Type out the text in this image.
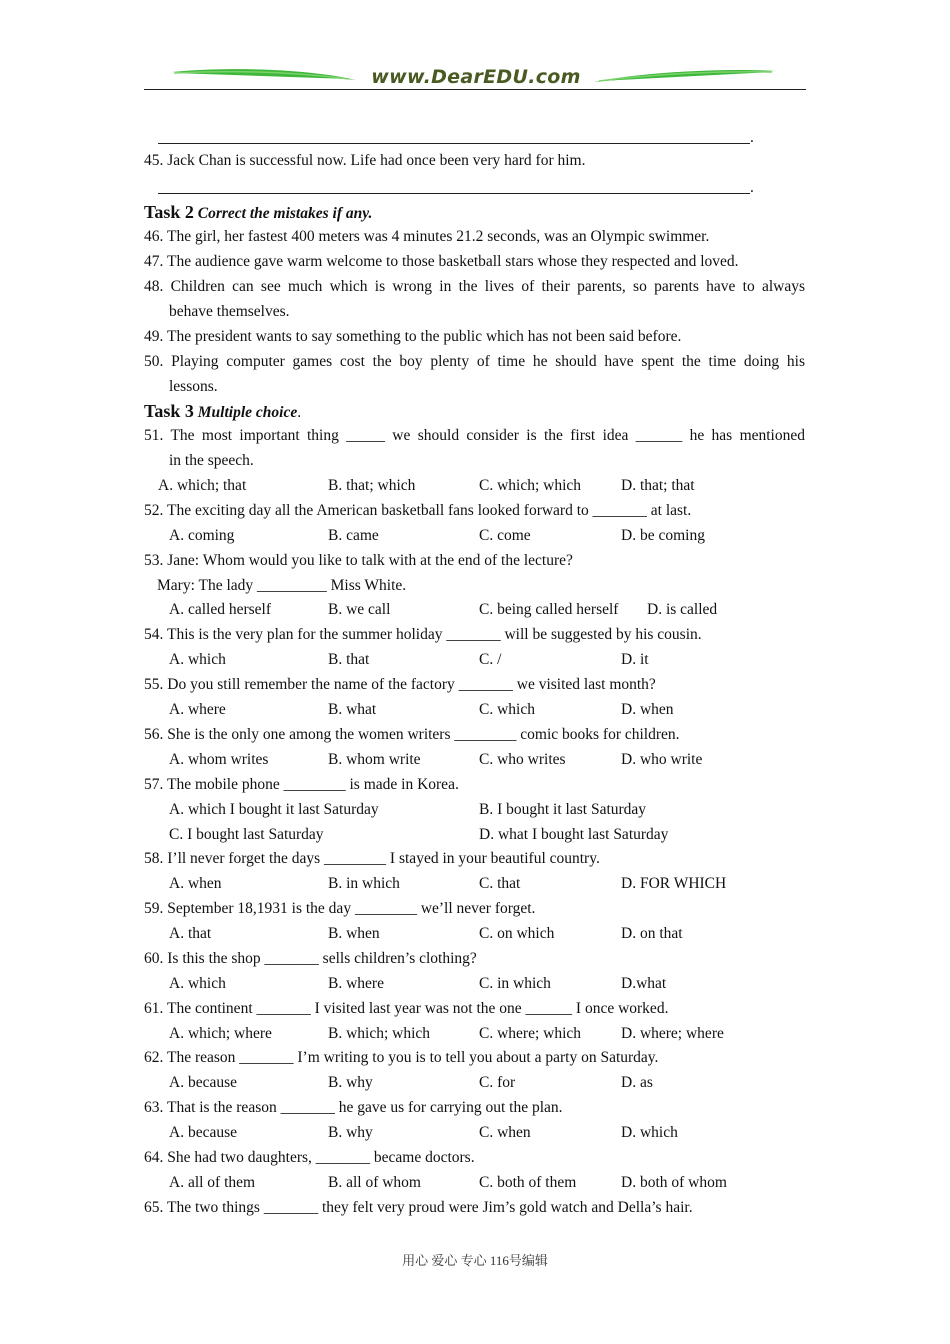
www.DearEDU.com
.
45. Jack Chan is successful now. Life had once been very hard for him.
.
Task 2 Correct the mistakes if any.
46. The girl, her fastest 400 meters was 4 minutes 21.2 seconds, was an Olympic swimmer.
47. The audience gave warm welcome to those basketball stars whose they respected and loved.
48. Children can see much which is wrong in the lives of their parents, so parents have to always
behave themselves.
49. The president wants to say something to the public which has not been said before.
50. Playing computer games cost the boy plenty of time he should have spent the time doing his
lessons.
Task 3 Multiple choice.
51. The most important thing _____ we should consider is the first idea ______ he has mentioned
in the speech.
A. which; that	B. that; which	C. which; which	D. that; that
52. The exciting day all the American basketball fans looked forward to _______ at last.
A. coming	B. came	C. come	D. be coming
53. Jane: Whom would you like to talk with at the end of the lecture?
Mary: The lady _________ Miss White.
A. called herself	B. we call	C. being called herself D. is called
54. This is the very plan for the summer holiday _______ will be suggested by his cousin.
A. which	B. that	C. /	D. it
55. Do you still remember the name of the factory _______ we visited last month?
A. where	B. what	C. which	D. when
56. She is the only one among the women writers ________ comic books for children.
A. whom writes	B. whom write	C. who writes	D. who write
57. The mobile phone ________ is made in Korea.
A. which I bought it last Saturday	B. I bought it last Saturday
C. I bought last Saturday	D. what I bought last Saturday
58. I’ll never forget the days ________ I stayed in your beautiful country.
A. when	B. in which	C. that	D. FOR WHICH
59. September 18,1931 is the day ________ we’ll never forget.
A. that	B. when	C. on which	D. on that
60. Is this the shop _______ sells children’s clothing?
A. which	B. where	C. in which	D.what
61. The continent _______ I visited last year was not the one ______ I once worked.
A. which; where	B. which; which	C. where; which	D. where; where
62. The reason _______ I’m writing to you is to tell you about a party on Saturday.
A. because	B. why	C. for	D. as
63. That is the reason _______ he gave us for carrying out the plan.
A. because	B. why	C. when	D. which
64. She had two daughters, _______ became doctors.
A. all of them	B. all of whom	C. both of them	D. both of whom
65. The two things _______ they felt very proud were Jim’s gold watch and Della’s hair.
用心 爱心 专心 116号编辑
